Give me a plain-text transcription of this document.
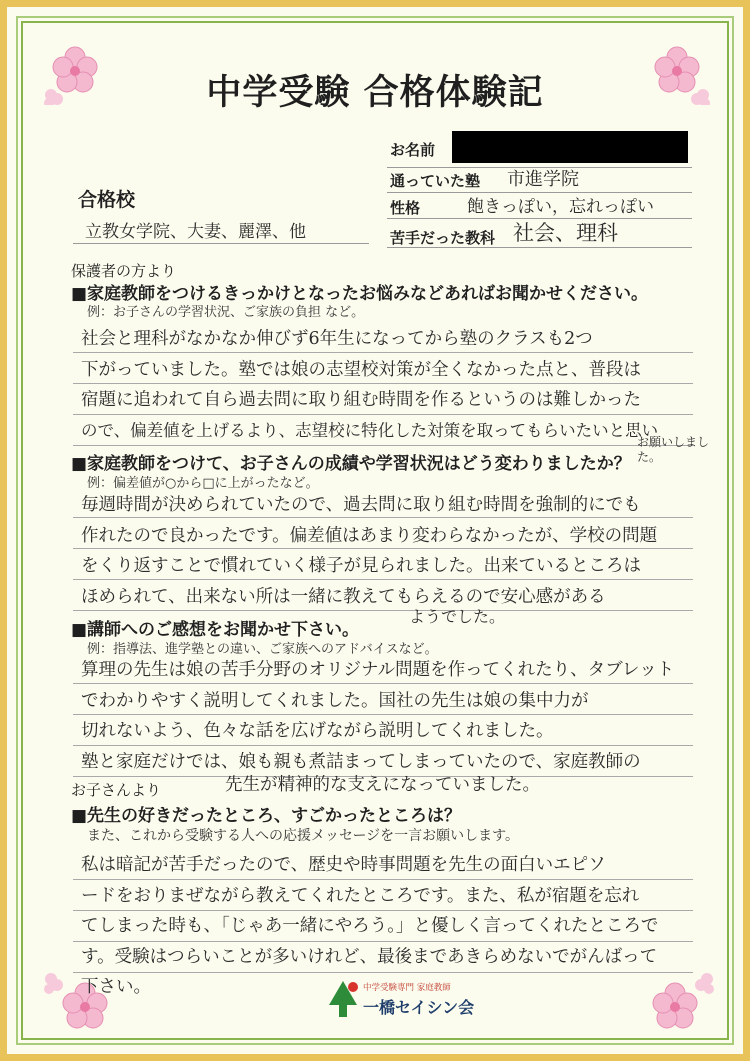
中学受験 合格体験記
お名前
通っていた塾 市進学院
性格	飽きっぽい，忘れっぽい
苦手だった教科 社会、理科
合格校
立教女学院、大妻、麗澤、他
保護者の方より
■家庭教師をつけるきっかけとなったお悩みなどあればお聞かせください。
例：お子さんの学習状況、ご家族の負担 など。
社会と理科がなかなか伸びず6年生になってから塾のクラスも2つ
下がっていました。塾では娘の志望校対策が全くなかった点と、普段は
宿題に追われて自ら過去問に取り組む時間を作るというのは難しかった
ので、偏差値を上げるより、志望校に特化した対策を取ってもらいたいと思い
お願いしました。
■家庭教師をつけて、お子さんの成績や学習状況はどう変わりましたか？
例：偏差値が○から□に上がったなど。
毎週時間が決められていたので、過去問に取り組む時間を強制的にでも
作れたので良かったです。偏差値はあまり変わらなかったが、学校の問題
をくり返すことで慣れていく様子が見られました。出来ているところは
ほめられて、出来ない所は一緒に教えてもらえるので安心感がある
ようでした。
■講師へのご感想をお聞かせ下さい。
例：指導法、進学塾との違い、ご家族へのアドバイスなど。
算理の先生は娘の苦手分野のオリジナル問題を作ってくれたり、タブレット
でわかりやすく説明してくれました。国社の先生は娘の集中力が
切れないよう、色々な話を広げながら説明してくれました。
塾と家庭だけでは、娘も親も煮詰まってしまっていたので、家庭教師の
先生が精神的な支えになっていました。
お子さんより
■先生の好きだったところ、すごかったところは？
また、これから受験する人への応援メッセージを一言お願いします。
私は暗記が苦手だったので、歴史や時事問題を先生の面白いエピソ
ードをおりまぜながら教えてくれたところです。また、私が宿題を忘れ
てしまった時も、「じゃあ一緒にやろう。」と優しく言ってくれたところで
す。受験はつらいことが多いけれど、最後まであきらめないでがんばって
下さい。	中学受験専門 家庭教師
一橋セイシン会
